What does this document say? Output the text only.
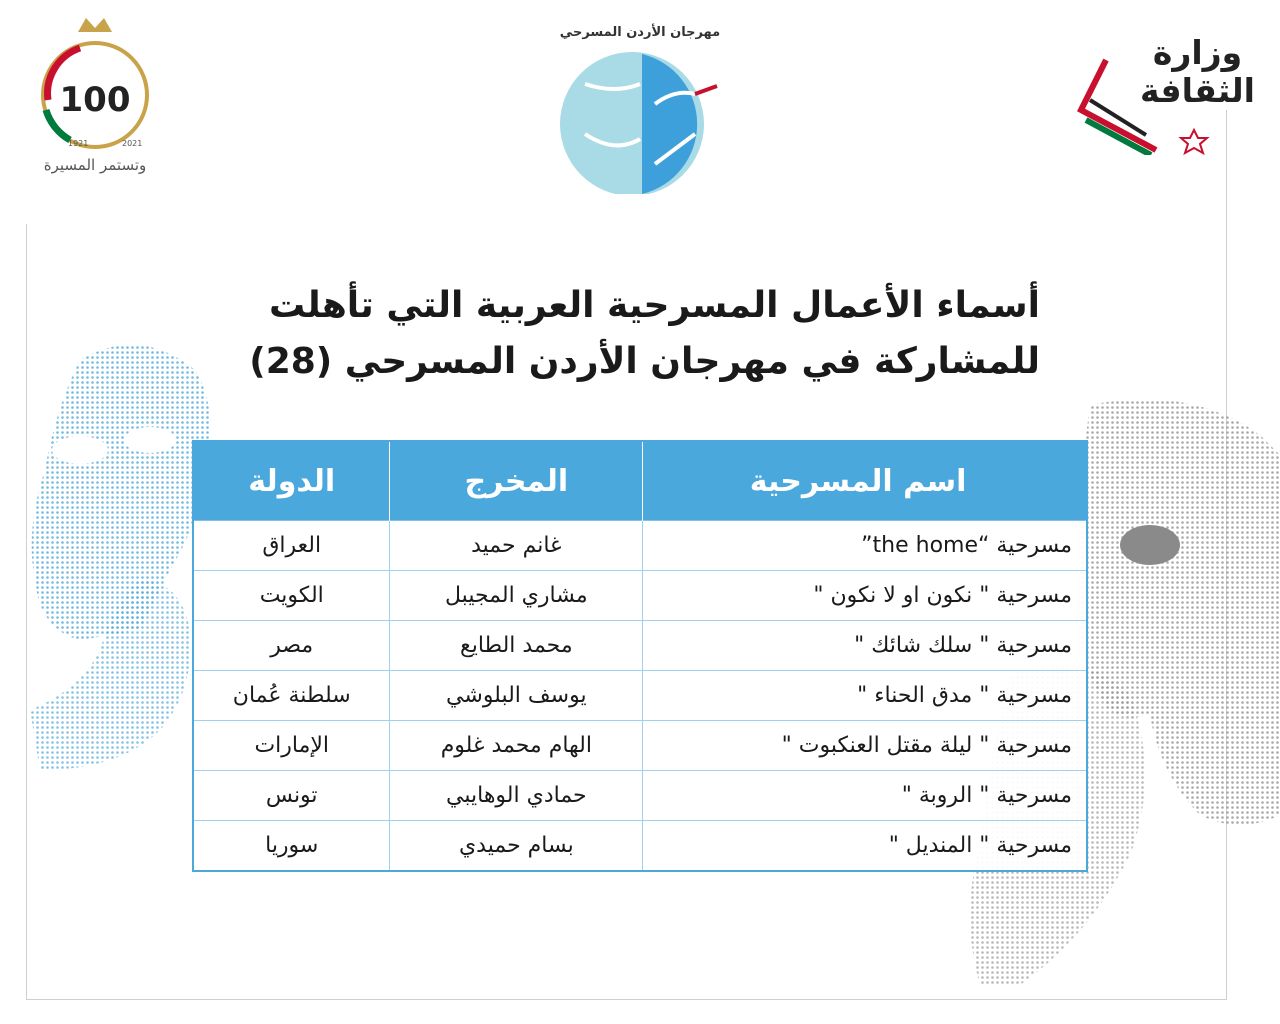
100
1921	2021
وتستمر المسيرة
مهرجان الأردن المسرحي
وزارة
الثقافة
أسماء الأعمال المسرحية العربية التي تأهلت
للمشاركة في مهرجان الأردن المسرحي (28)
اسم المسرحية	المخرج	الدولة
مسرحية “the home”	غانم حميد	العراق
مسرحية " نكون او لا نكون "	مشاري المجيبل	الكويت
مسرحية " سلك شائك "	محمد الطايع	مصر
مسرحية " مدق الحناء "	يوسف البلوشي	سلطنة عُمان
مسرحية " ليلة مقتل العنكبوت "	الهام محمد غلوم	الإمارات
مسرحية " الروبة "	حمادي الوهايبي	تونس
مسرحية " المنديل "	بسام حميدي	سوريا
